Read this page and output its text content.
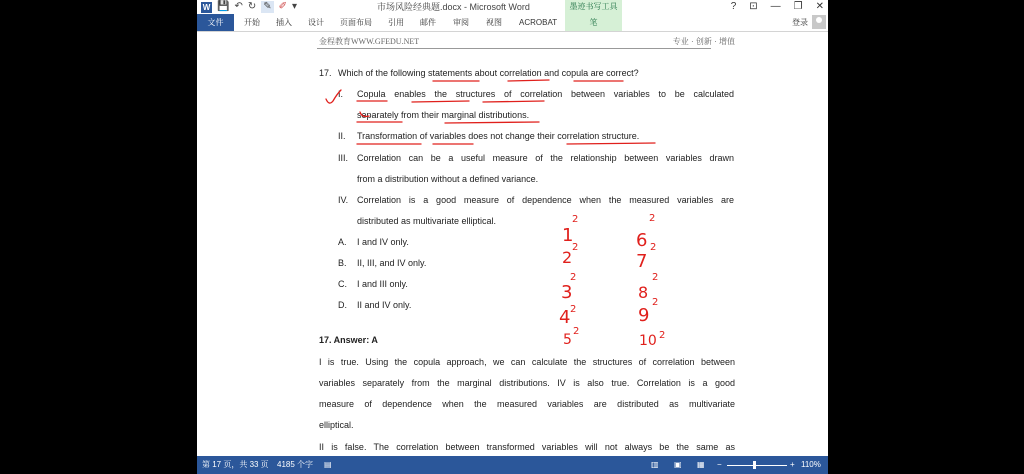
W 💾 ↶ ↻ ✎ ✐ ▾	市场风险经典题.docx - Microsoft Word	墨迹书写工具	? ⊡ — ❐ ✕
文件	开始 插入 设计 页面布局 引用 邮件 审阅 视图 ACROBAT	笔	登录
金程教育WWW.GFEDU.NET	专业 · 创新 · 增值
17. Which of the following statements about correlation and copula are correct?
I. Copula enables the structures of correlation between variables to be calculated
separately from their marginal distributions.
II. Transformation of variables does not change their correlation structure.
III. Correlation can be a useful measure of the relationship between variables drawn
from a distribution without a defined variance.
IV. Correlation is a good measure of dependence when the measured variables are
distributed as multivariate elliptical.
A. I and IV only.
B. II, III, and IV only.
C. I and III only.
D. II and IV only.
17. Answer: A
I is true. Using the copula approach, we can calculate the structures of correlation between
variables separately from the marginal distributions. IV is also true. Correlation is a good
measure of dependence when the measured variables are distributed as multivariate
elliptical.
II is false. The correlation between transformed variables will not always be the same as
1
2
2
2
3
2
4 2
5
2
6
2
7
2
8
2
9
2
10 2
第 17 页，共 33 页 4185 个字 ▤	▥ ▣ ▦ −	+ 110%
